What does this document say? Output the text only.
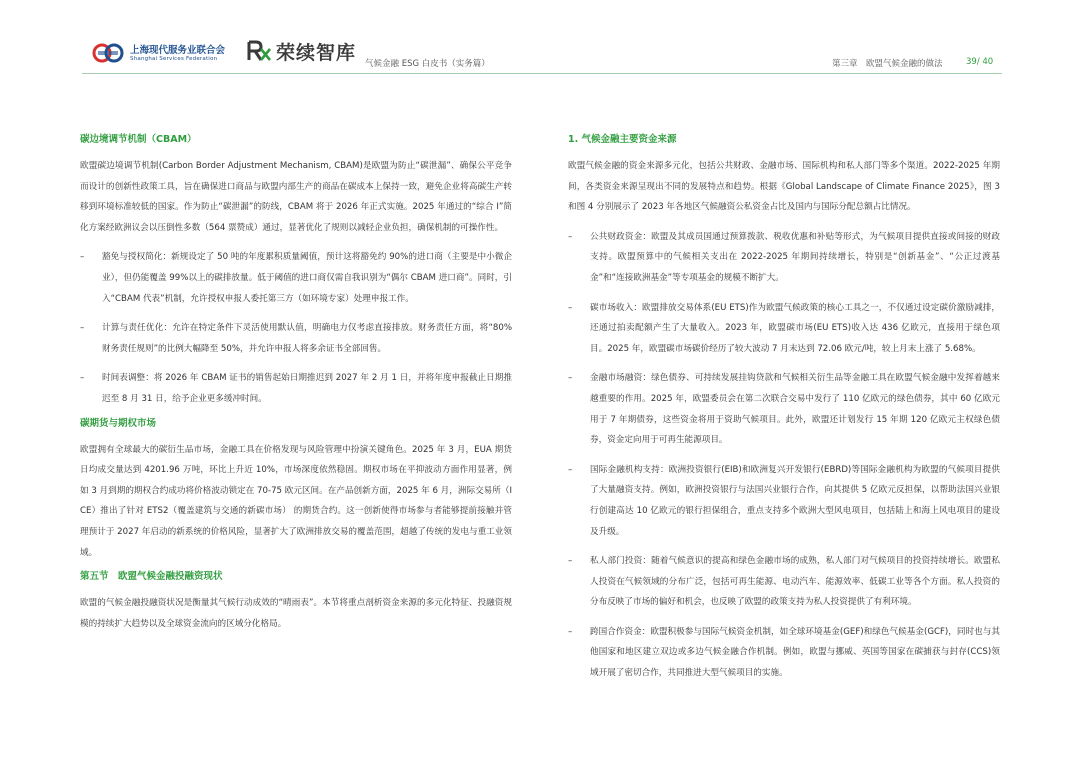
上海现代服务业联合会
Shanghai Services Federation	荣续智库 气候金融 ESG 白皮书（实务篇）	第三章　欧盟气候金融的做法	39/ 40
碳边境调节机制（CBAM）

欧盟碳边境调节机制(Carbon Border Adjustment Mechanism, CBAM)是欧盟为防止“碳泄漏”、确保公平竞争而设计的创新性政策工具，旨在确保进口商品与欧盟内部生产的商品在碳成本上保持一致，避免企业将高碳生产转移到环境标准较低的国家。作为防止“碳泄漏”的防线，CBAM 将于 2026 年正式实施。2025 年通过的“综合 I”简化方案经欧洲议会以压倒性多数（564 票赞成）通过，显著优化了规则以减轻企业负担，确保机制的可操作性。

– 豁免与授权简化：新规设定了 50 吨的年度累积质量阈值，预计这将豁免约 90%的进口商（主要是中小微企业），但仍能覆盖 99%以上的碳排放量。低于阈值的进口商仅需自我识别为“偶尔 CBAM 进口商”。同时，引入“CBAM 代表”机制，允许授权申报人委托第三方（如环境专家）处理申报工作。

– 计算与责任优化：允许在特定条件下灵活使用默认值，明确电力仅考虑直接排放。财务责任方面，将“80%财务责任规则”的比例大幅降至 50%，并允许申报人将多余证书全部回售。

– 时间表调整：将 2026 年 CBAM 证书的销售起始日期推迟到 2027 年 2 月 1 日，并将年度申报截止日期推迟至 8 月 31 日，给予企业更多缓冲时间。

碳期货与期权市场

欧盟拥有全球最大的碳衍生品市场，金融工具在价格发现与风险管理中扮演关键角色。2025 年 3 月，EUA 期货日均成交量达到 4201.96 万吨，环比上升近 10%，市场深度依然稳固。期权市场在平抑波动方面作用显著，例如 3 月到期的期权合约成功将价格波动锁定在 70-75 欧元区间。在产品创新方面，2025 年 6 月，洲际交易所（ICE）推出了针对 ETS2（覆盖建筑与交通的新碳市场） 的期货合约。这一创新使得市场参与者能够提前接触并管理预计于 2027 年启动的新系统的价格风险，显著扩大了欧洲排放交易的覆盖范围，超越了传统的发电与重工业领域。

第五节　欧盟气候金融投融资现状

欧盟的气候金融投融资状况是衡量其气候行动成效的“晴雨表”。本节将重点剖析资金来源的多元化特征、投融资规模的持续扩大趋势以及全球资金流向的区域分化格局。

1. 气候金融主要资金来源

欧盟气候金融的资金来源多元化，包括公共财政、金融市场、国际机构和私人部门等多个渠道。2022-2025 年期间，各类资金来源呈现出不同的发展特点和趋势。根据《Global Landscape of Climate Finance 2025》，图 3 和图 4 分别展示了 2023 年各地区气候融资公私资金占比及国内与国际分配总额占比情况。

– 公共财政资金：欧盟及其成员国通过预算拨款、税收优惠和补贴等形式，为气候项目提供直接或间接的财政支持。欧盟预算中的气候相关支出在 2022-2025 年期间持续增长，特别是“创新基金”、“公正过渡基金”和“连接欧洲基金”等专项基金的规模不断扩大。

– 碳市场收入：欧盟排放交易体系(EU ETS)作为欧盟气候政策的核心工具之一，不仅通过设定碳价激励减排，还通过拍卖配额产生了大量收入。2023 年，欧盟碳市场(EU ETS)收入达 436 亿欧元，直接用于绿色项目。2025 年，欧盟碳市场碳价经历了较大波动 7 月末达到 72.06 欧元/吨，较上月末上涨了 5.68%。

– 金融市场融资：绿色债券、可持续发展挂钩贷款和气候相关衍生品等金融工具在欧盟气候金融中发挥着越来越重要的作用。2025 年，欧盟委员会在第二次联合交易中发行了 110 亿欧元的绿色债券，其中 60 亿欧元用于 7 年期债券，这些资金将用于资助气候项目。此外，欧盟还计划发行 15 年期 120 亿欧元主权绿色债券，资金定向用于可再生能源项目。

– 国际金融机构支持：欧洲投资银行(EIB)和欧洲复兴开发银行(EBRD)等国际金融机构为欧盟的气候项目提供了大量融资支持。例如，欧洲投资银行与法国兴业银行合作，向其提供 5 亿欧元反担保，以帮助法国兴业银行创建高达 10 亿欧元的银行担保组合，重点支持多个欧洲大型风电项目，包括陆上和海上风电项目的建设及升级。

– 私人部门投资：随着气候意识的提高和绿色金融市场的成熟，私人部门对气候项目的投资持续增长。欧盟私人投资在气候领域的分布广泛，包括可再生能源、电动汽车、能源效率、低碳工业等各个方面。私人投资的分布反映了市场的偏好和机会，也反映了欧盟的政策支持为私人投资提供了有利环境。

– 跨国合作资金：欧盟积极参与国际气候资金机制，如全球环境基金(GEF)和绿色气候基金(GCF)，同时也与其他国家和地区建立双边或多边气候金融合作机制。例如，欧盟与挪威、英国等国家在碳捕获与封存(CCS)领域开展了密切合作，共同推进大型气候项目的实施。
